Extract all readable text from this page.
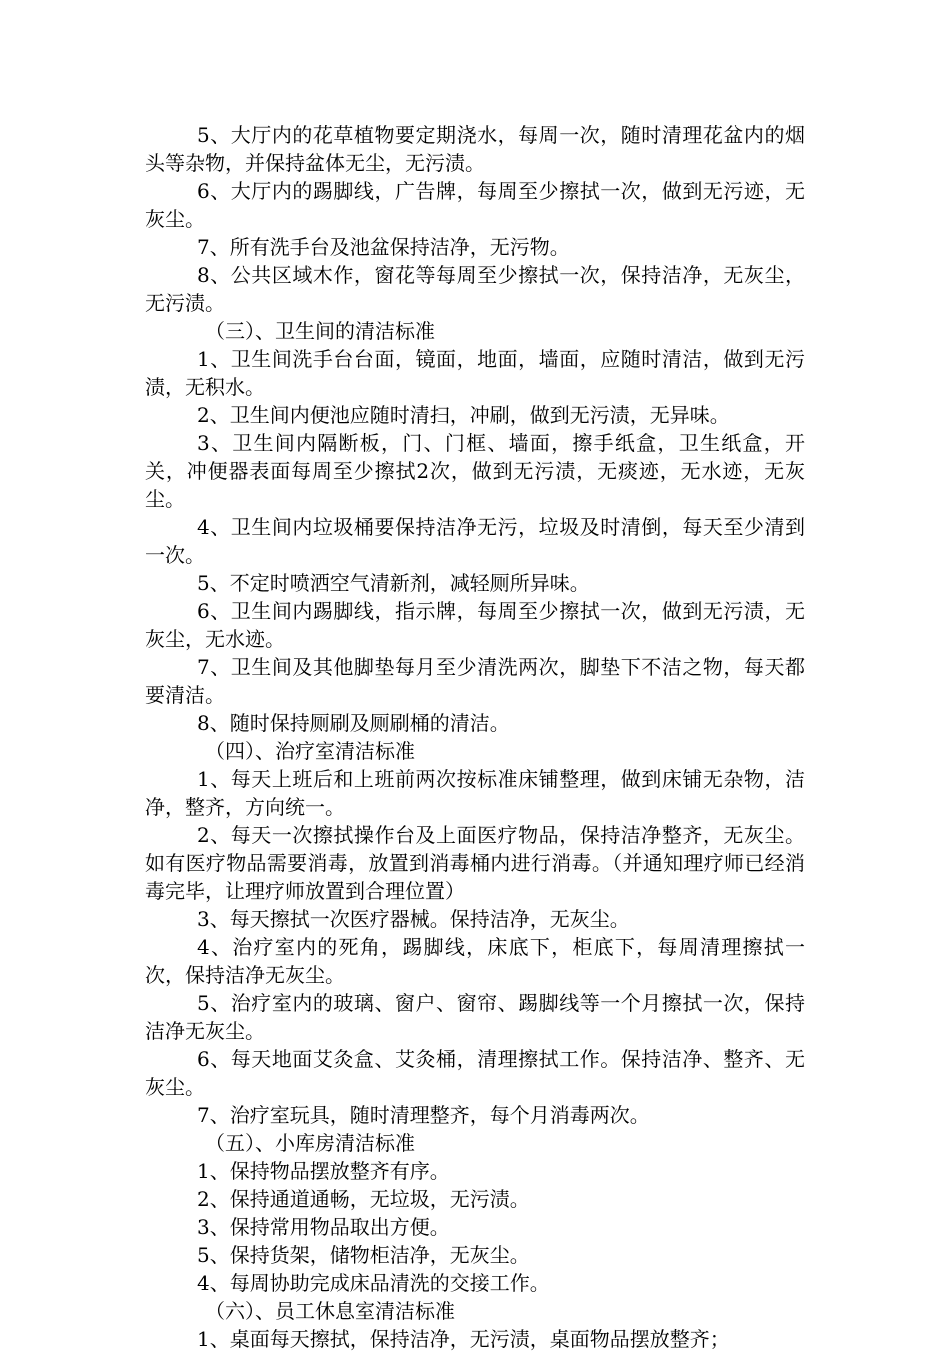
5、大厅内的花草植物要定期浇水，每周一次，随时清理花盆内的烟头等杂物，并保持盆体无尘，无污渍。

6、大厅内的踢脚线，广告牌，每周至少擦拭一次，做到无污迹，无灰尘。

7、所有洗手台及池盆保持洁净，无污物。

8、公共区域木作，窗花等每周至少擦拭一次，保持洁净，无灰尘，无污渍。

（三）、卫生间的清洁标准

1、卫生间洗手台台面，镜面，地面，墙面，应随时清洁，做到无污渍，无积水。

2、卫生间内便池应随时清扫，冲刷，做到无污渍，无异味。

3、卫生间内隔断板，门、门框、墙面，擦手纸盒，卫生纸盒，开关，冲便器表面每周至少擦拭2次，做到无污渍，无痰迹，无水迹，无灰尘。

4、卫生间内垃圾桶要保持洁净无污，垃圾及时清倒，每天至少清到一次。

5、不定时喷洒空气清新剂，减轻厕所异味。

6、卫生间内踢脚线，指示牌，每周至少擦拭一次，做到无污渍，无灰尘，无水迹。

7、卫生间及其他脚垫每月至少清洗两次，脚垫下不洁之物，每天都要清洁。

8、随时保持厕刷及厕刷桶的清洁。

（四）、治疗室清洁标准

1、每天上班后和上班前两次按标准床铺整理，做到床铺无杂物，洁净，整齐，方向统一。

2、每天一次擦拭操作台及上面医疗物品，保持洁净整齐，无灰尘。如有医疗物品需要消毒，放置到消毒桶内进行消毒。（并通知理疗师已经消毒完毕，让理疗师放置到合理位置）

3、每天擦拭一次医疗器械。保持洁净，无灰尘。

4、治疗室内的死角，踢脚线，床底下，柜底下，每周清理擦拭一次，保持洁净无灰尘。

5、治疗室内的玻璃、窗户、窗帘、踢脚线等一个月擦拭一次，保持洁净无灰尘。

6、每天地面艾灸盒、艾灸桶，清理擦拭工作。保持洁净、整齐、无灰尘。

7、治疗室玩具，随时清理整齐，每个月消毒两次。

（五）、小库房清洁标准

1、保持物品摆放整齐有序。

2、保持通道通畅，无垃圾，无污渍。

3、保持常用物品取出方便。

5、保持货架，储物柜洁净，无灰尘。

4、每周协助完成床品清洗的交接工作。

（六）、员工休息室清洁标准

1、桌面每天擦拭，保持洁净，无污渍，桌面物品摆放整齐；
